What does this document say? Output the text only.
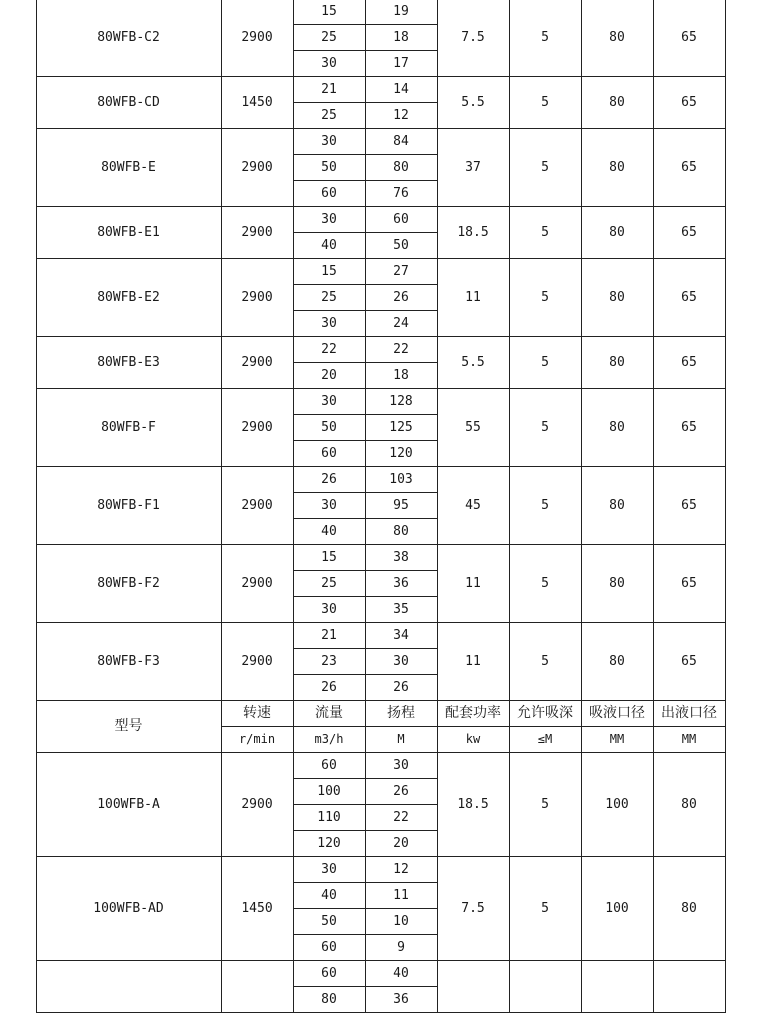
80WFB-C2	2900	15	19	7.5	5	80	65
		25	18				
		30	17				
80WFB-CD	1450	21	14	5.5	5	80	65
		25	12				
80WFB-E	2900	30	84	37	5	80	65
		50	80				
		60	76				
80WFB-E1	2900	30	60	18.5	5	80	65
		40	50				
80WFB-E2	2900	15	27	11	5	80	65
		25	26				
		30	24				
80WFB-E3	2900	22	22	5.5	5	80	65
		20	18				
80WFB-F	2900	30	128	55	5	80	65
		50	125				
		60	120				
80WFB-F1	2900	26	103	45	5	80	65
		30	95				
		40	80				
80WFB-F2	2900	15	38	11	5	80	65
		25	36				
		30	35				
80WFB-F3	2900	21	34	11	5	80	65
		23	30				
		26	26				
型号	转速	流量	扬程	配套功率	允许吸深	吸液口径	出液口径
	r/min	m3/h	M	kw	≤M	MM	MM
100WFB-A	2900	60	30	18.5	5	100	80
		100	26				
		110	22				
		120	20				
100WFB-AD	1450	30	12	7.5	5	100	80
		40	11				
		50	10				
		60	9				
		60	40				
		80	36				
